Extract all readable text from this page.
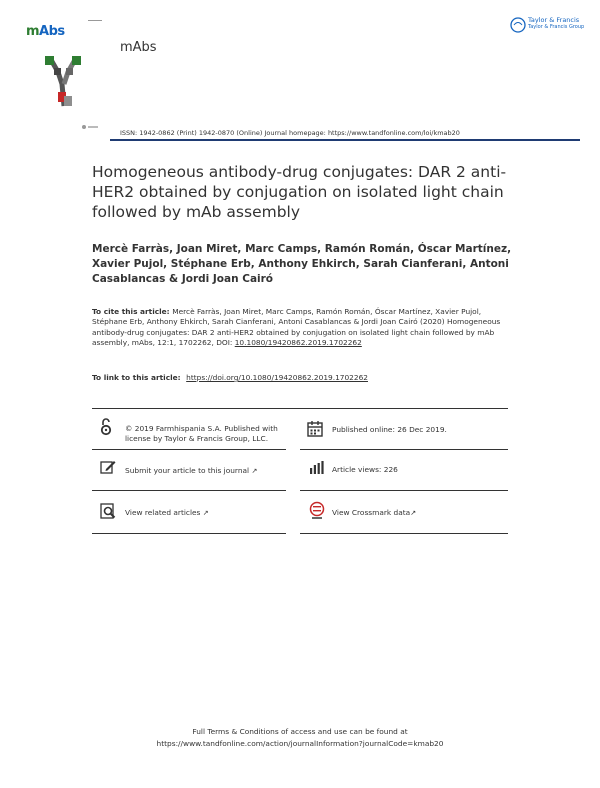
mAbs
mAbs
Taylor & Francis
Taylor & Francis Group
ISSN: 1942-0862 (Print) 1942-0870 (Online) Journal homepage: https://www.tandfonline.com/loi/kmab20
Homogeneous antibody-drug conjugates: DAR 2 anti-HER2 obtained by conjugation on isolated light chain followed by mAb assembly
Mercè Farràs, Joan Miret, Marc Camps, Ramón Román, Óscar Martínez, Xavier Pujol, Stéphane Erb, Anthony Ehkirch, Sarah Cianferani, Antoni Casablancas & Jordi Joan Cairó
To cite this article: Mercè Farràs, Joan Miret, Marc Camps, Ramón Román, Óscar Martínez, Xavier Pujol, Stéphane Erb, Anthony Ehkirch, Sarah Cianferani, Antoni Casablancas & Jordi Joan Cairó (2020) Homogeneous antibody-drug conjugates: DAR 2 anti-HER2 obtained by conjugation on isolated light chain followed by mAb assembly, mAbs, 12:1, 1702262, DOI: 10.1080/19420862.2019.1702262
To link to this article: https://doi.org/10.1080/19420862.2019.1702262
© 2019 Farmhispania S.A. Published with
license by Taylor & Francis Group, LLC.
Published online: 26 Dec 2019.
Submit your article to this journal ↗	Article views: 226
View related articles ↗	View Crossmark data↗
Full Terms & Conditions of access and use can be found at
https://www.tandfonline.com/action/journalInformation?journalCode=kmab20
